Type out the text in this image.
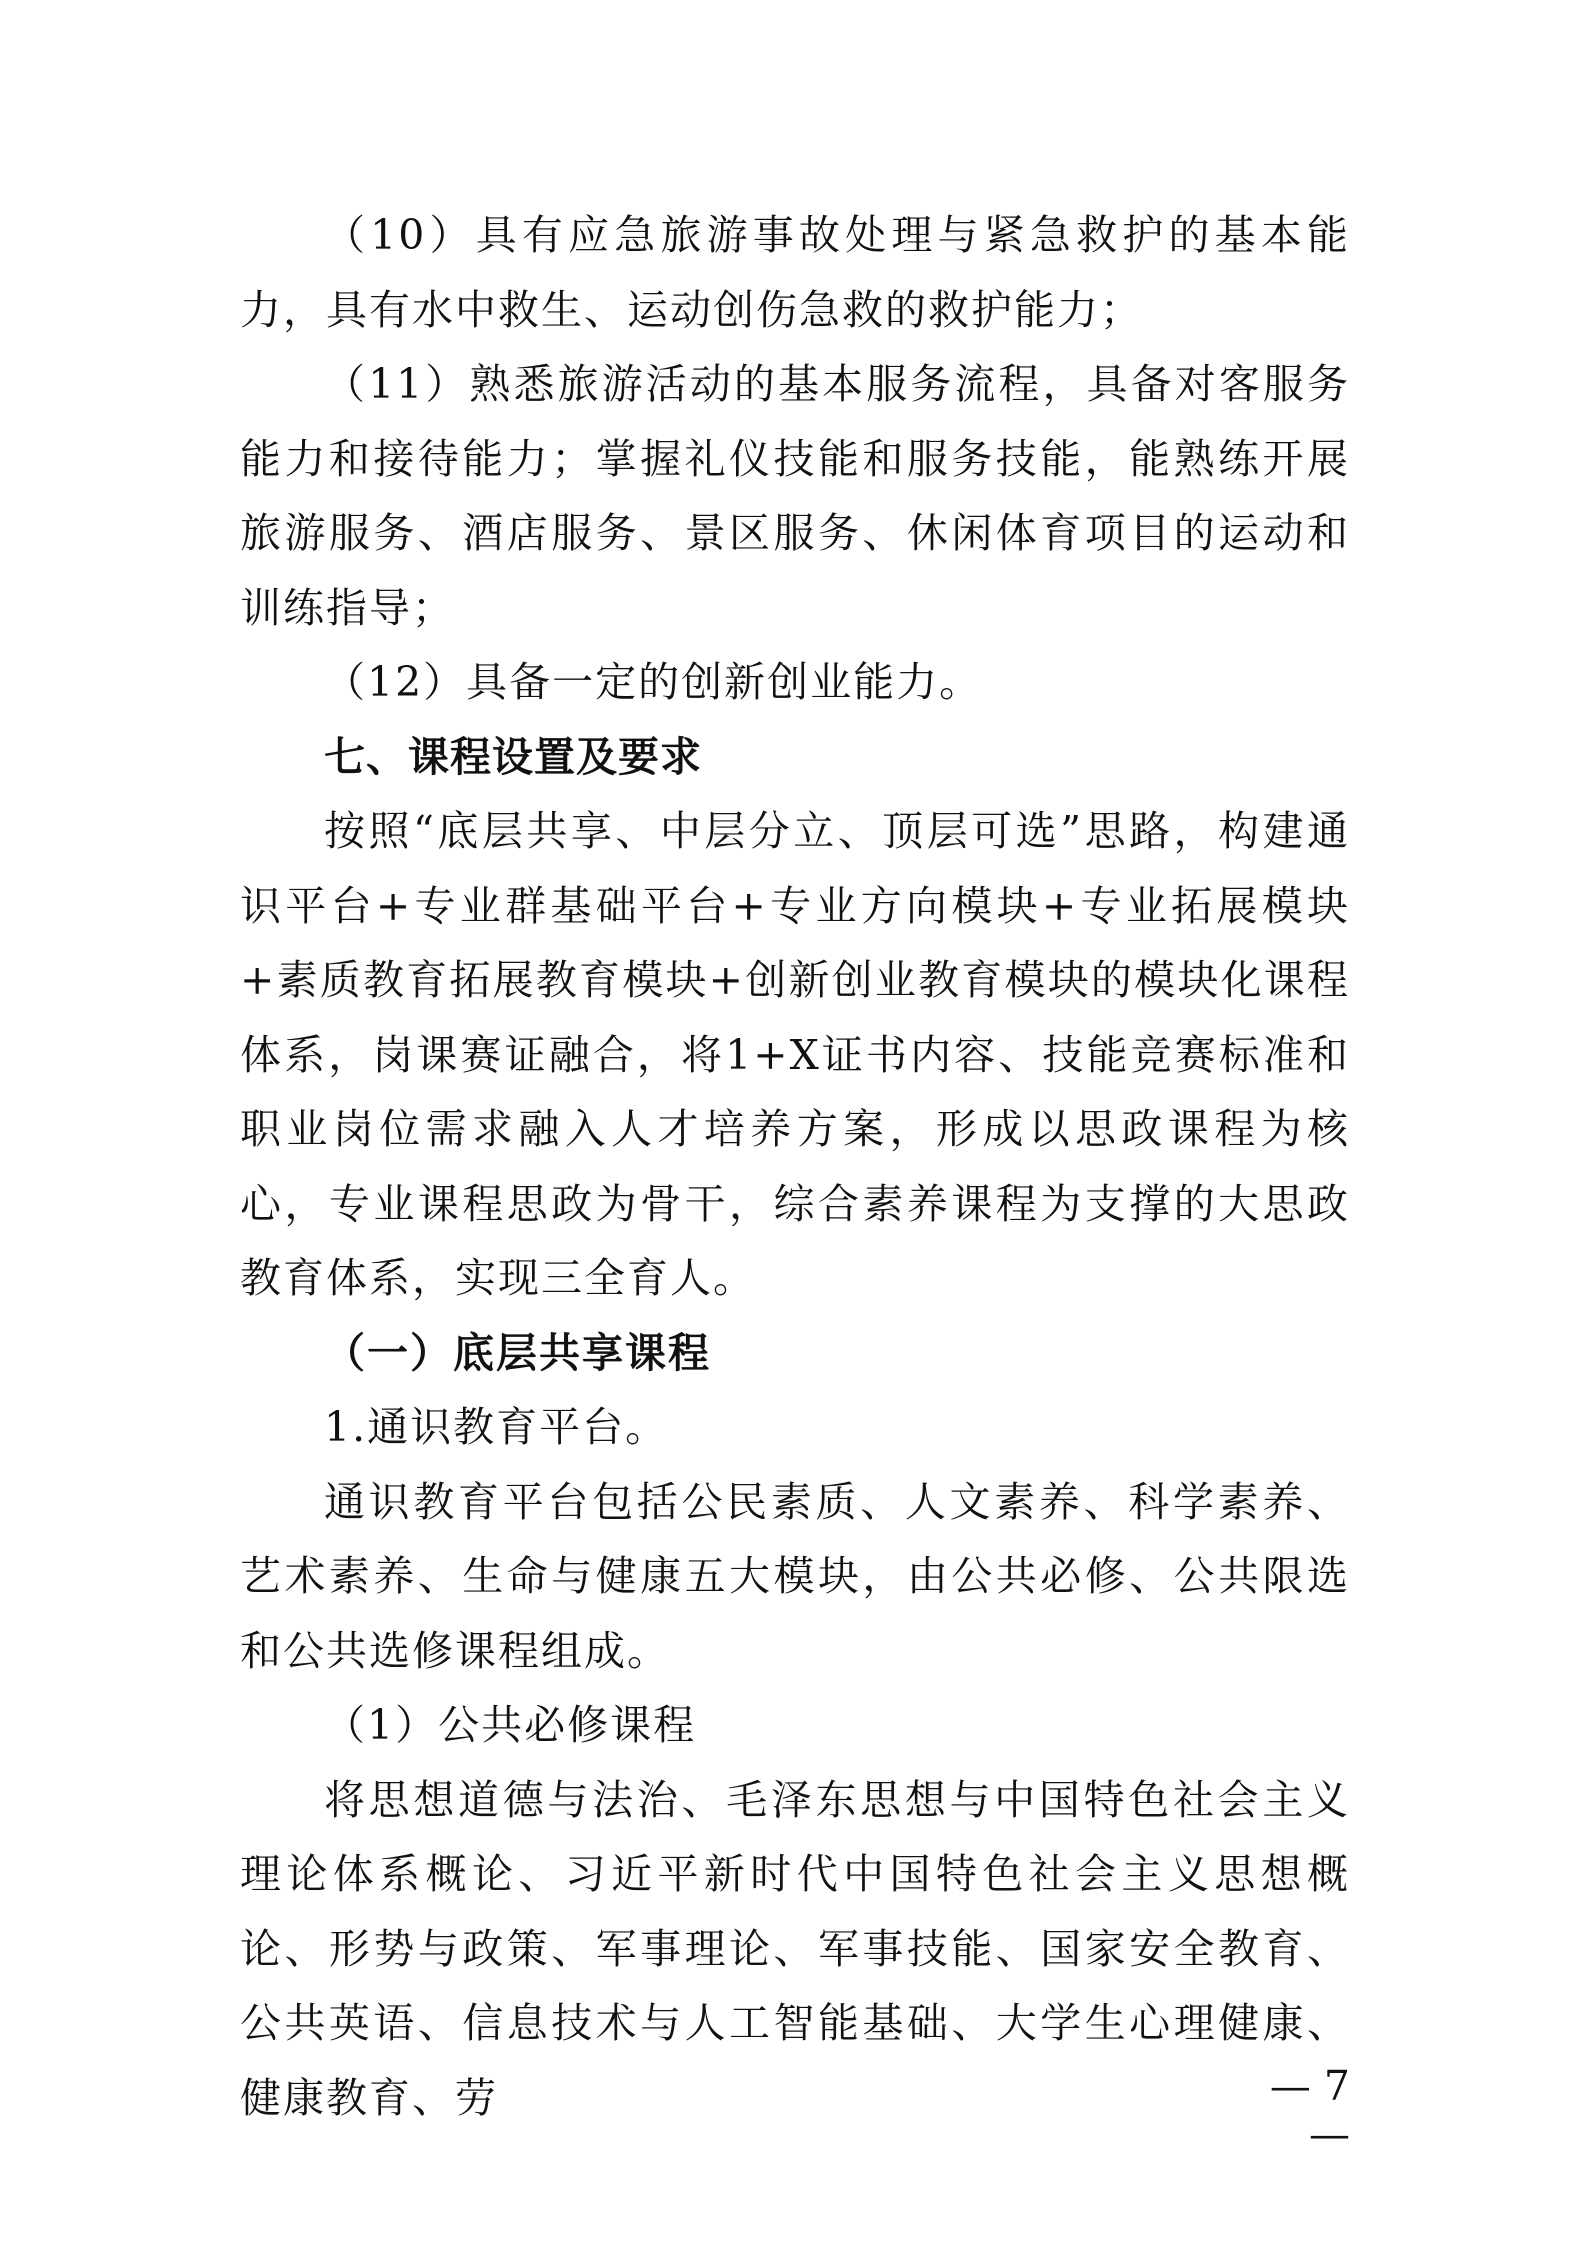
（10）具有应急旅游事故处理与紧急救护的基本能力，具有水中救生、运动创伤急救的救护能力；

（11）熟悉旅游活动的基本服务流程，具备对客服务能力和接待能力；掌握礼仪技能和服务技能，能熟练开展旅游服务、酒店服务、景区服务、休闲体育项目的运动和训练指导；

（12）具备一定的创新创业能力。

七、课程设置及要求

按照“底层共享、中层分立、顶层可选”思路，构建通识平台+专业群基础平台+专业方向模块+专业拓展模块+素质教育拓展教育模块+创新创业教育模块的模块化课程体系，岗课赛证融合，将1+X证书内容、技能竞赛标准和职业岗位需求融入人才培养方案，形成以思政课程为核心，专业课程思政为骨干，综合素养课程为支撑的大思政教育体系，实现三全育人。

（一）底层共享课程

1.通识教育平台。

通识教育平台包括公民素质、人文素养、科学素养、艺术素养、生命与健康五大模块，由公共必修、公共限选和公共选修课程组成。

（1）公共必修课程

将思想道德与法治、毛泽东思想与中国特色社会主义理论体系概论、习近平新时代中国特色社会主义思想概论、形势与政策、军事理论、军事技能、国家安全教育、公共英语、信息技术与人工智能基础、大学生心理健康、健康教育、劳	— 7 —
